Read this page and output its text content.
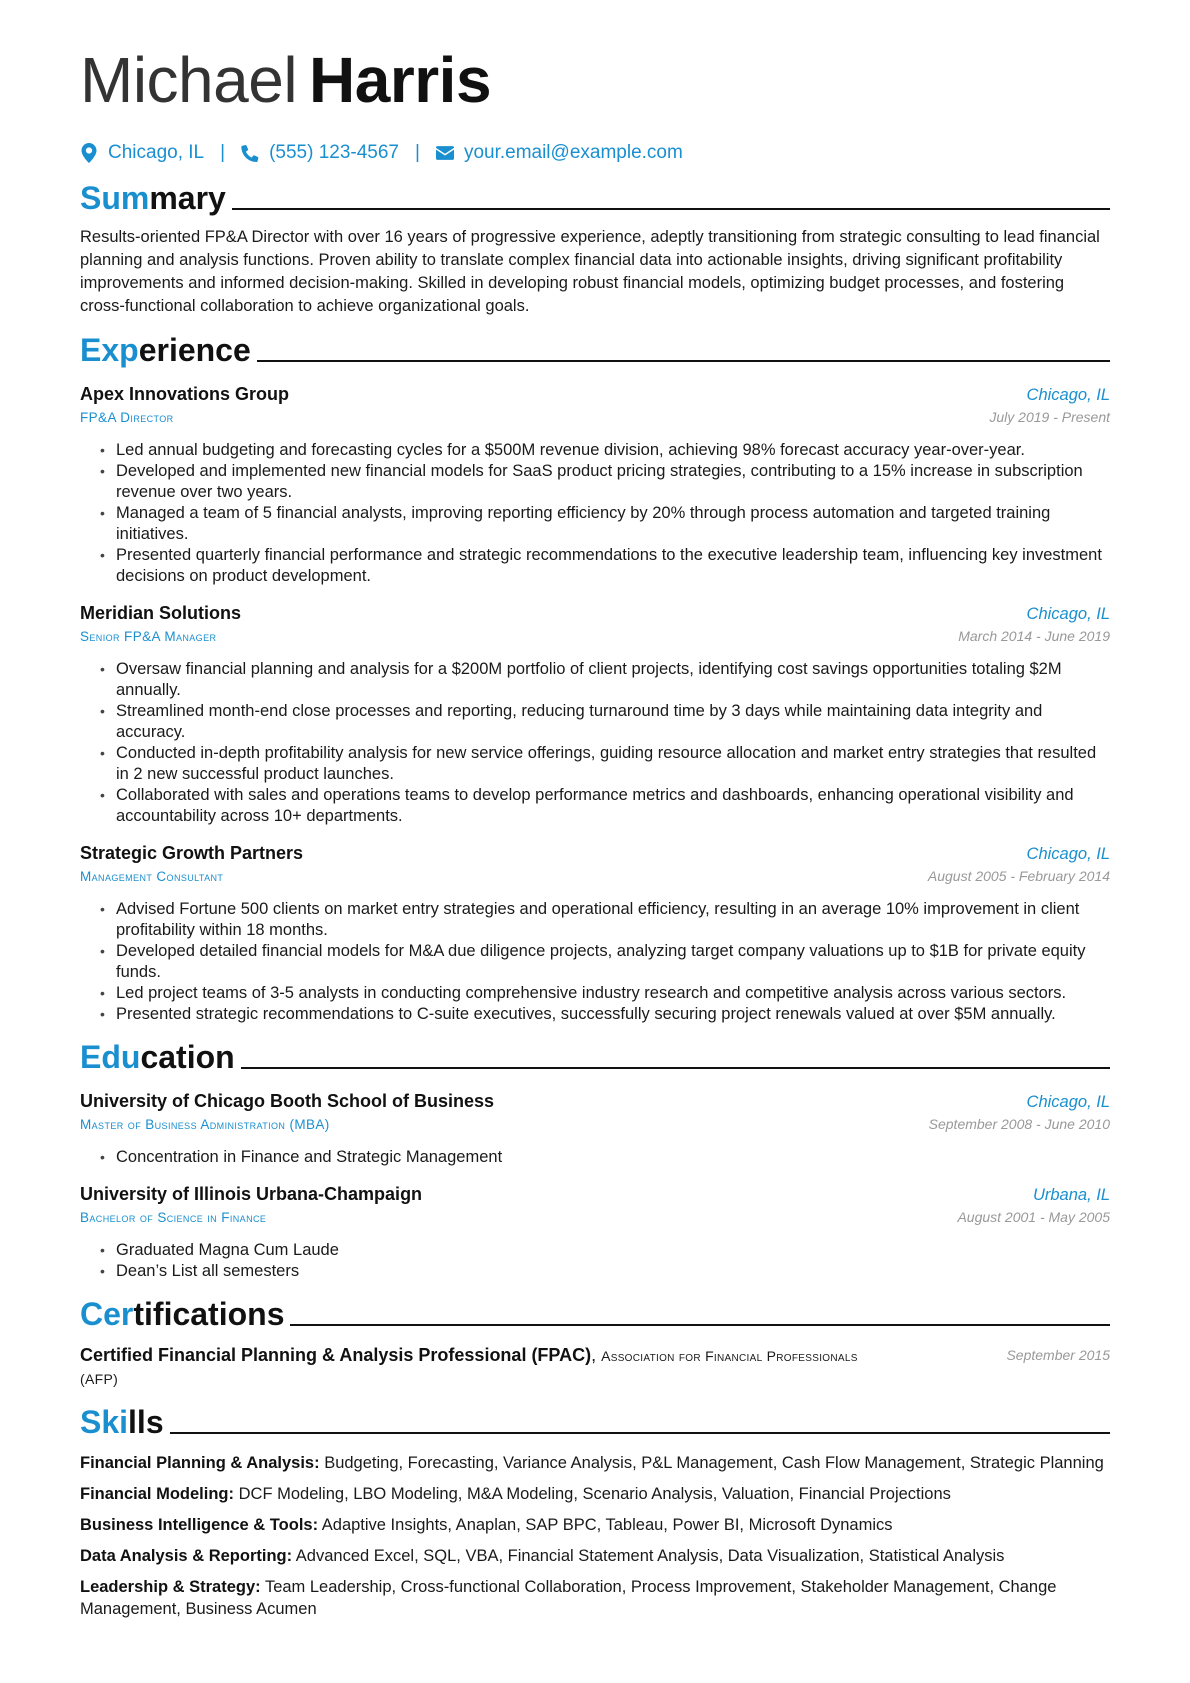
Michael Harris
Chicago, IL | (555) 123-4567 | your.email@example.com
Summary

Results-oriented FP&A Director with over 16 years of progressive experience, adeptly transitioning from strategic consulting to lead financial planning and analysis functions. Proven ability to translate complex financial data into actionable insights, driving significant profitability improvements and informed decision-making. Skilled in developing robust financial models, optimizing budget processes, and fostering cross-functional collaboration to achieve organizational goals.

Experience
Apex Innovations Group	Chicago, IL
FP&A Director	July 2019 - Present
• Led annual budgeting and forecasting cycles for a $500M revenue division, achieving 98% forecast accuracy year-over-year.
• Developed and implemented new financial models for SaaS product pricing strategies, contributing to a 15% increase in subscription revenue over two years.
• Managed a team of 5 financial analysts, improving reporting efficiency by 20% through process automation and targeted training initiatives.
• Presented quarterly financial performance and strategic recommendations to the executive leadership team, influencing key investment decisions on product development.
Meridian Solutions	Chicago, IL
Senior FP&A Manager	March 2014 - June 2019
• Oversaw financial planning and analysis for a $200M portfolio of client projects, identifying cost savings opportunities totaling $2M annually.
• Streamlined month-end close processes and reporting, reducing turnaround time by 3 days while maintaining data integrity and accuracy.
• Conducted in-depth profitability analysis for new service offerings, guiding resource allocation and market entry strategies that resulted in 2 new successful product launches.
• Collaborated with sales and operations teams to develop performance metrics and dashboards, enhancing operational visibility and accountability across 10+ departments.
Strategic Growth Partners	Chicago, IL
Management Consultant	August 2005 - February 2014
• Advised Fortune 500 clients on market entry strategies and operational efficiency, resulting in an average 10% improvement in client profitability within 18 months.
• Developed detailed financial models for M&A due diligence projects, analyzing target company valuations up to $1B for private equity funds.
• Led project teams of 3-5 analysts in conducting comprehensive industry research and competitive analysis across various sectors.
• Presented strategic recommendations to C-suite executives, successfully securing project renewals valued at over $5M annually.
Education
University of Chicago Booth School of Business	Chicago, IL
Master of Business Administration (MBA)	September 2008 - June 2010
• Concentration in Finance and Strategic Management
University of Illinois Urbana-Champaign	Urbana, IL
Bachelor of Science in Finance	August 2001 - May 2005
• Graduated Magna Cum Laude
• Dean’s List all semesters
Certifications
Certified Financial Planning & Analysis Professional (FPAC), Association for Financial Professionals (AFP)
September 2015
Skills
Financial Planning & Analysis: Budgeting, Forecasting, Variance Analysis, P&L Management, Cash Flow Management, Strategic Planning
Financial Modeling: DCF Modeling, LBO Modeling, M&A Modeling, Scenario Analysis, Valuation, Financial Projections
Business Intelligence & Tools: Adaptive Insights, Anaplan, SAP BPC, Tableau, Power BI, Microsoft Dynamics
Data Analysis & Reporting: Advanced Excel, SQL, VBA, Financial Statement Analysis, Data Visualization, Statistical Analysis
Leadership & Strategy: Team Leadership, Cross-functional Collaboration, Process Improvement, Stakeholder Management, Change Management, Business Acumen
